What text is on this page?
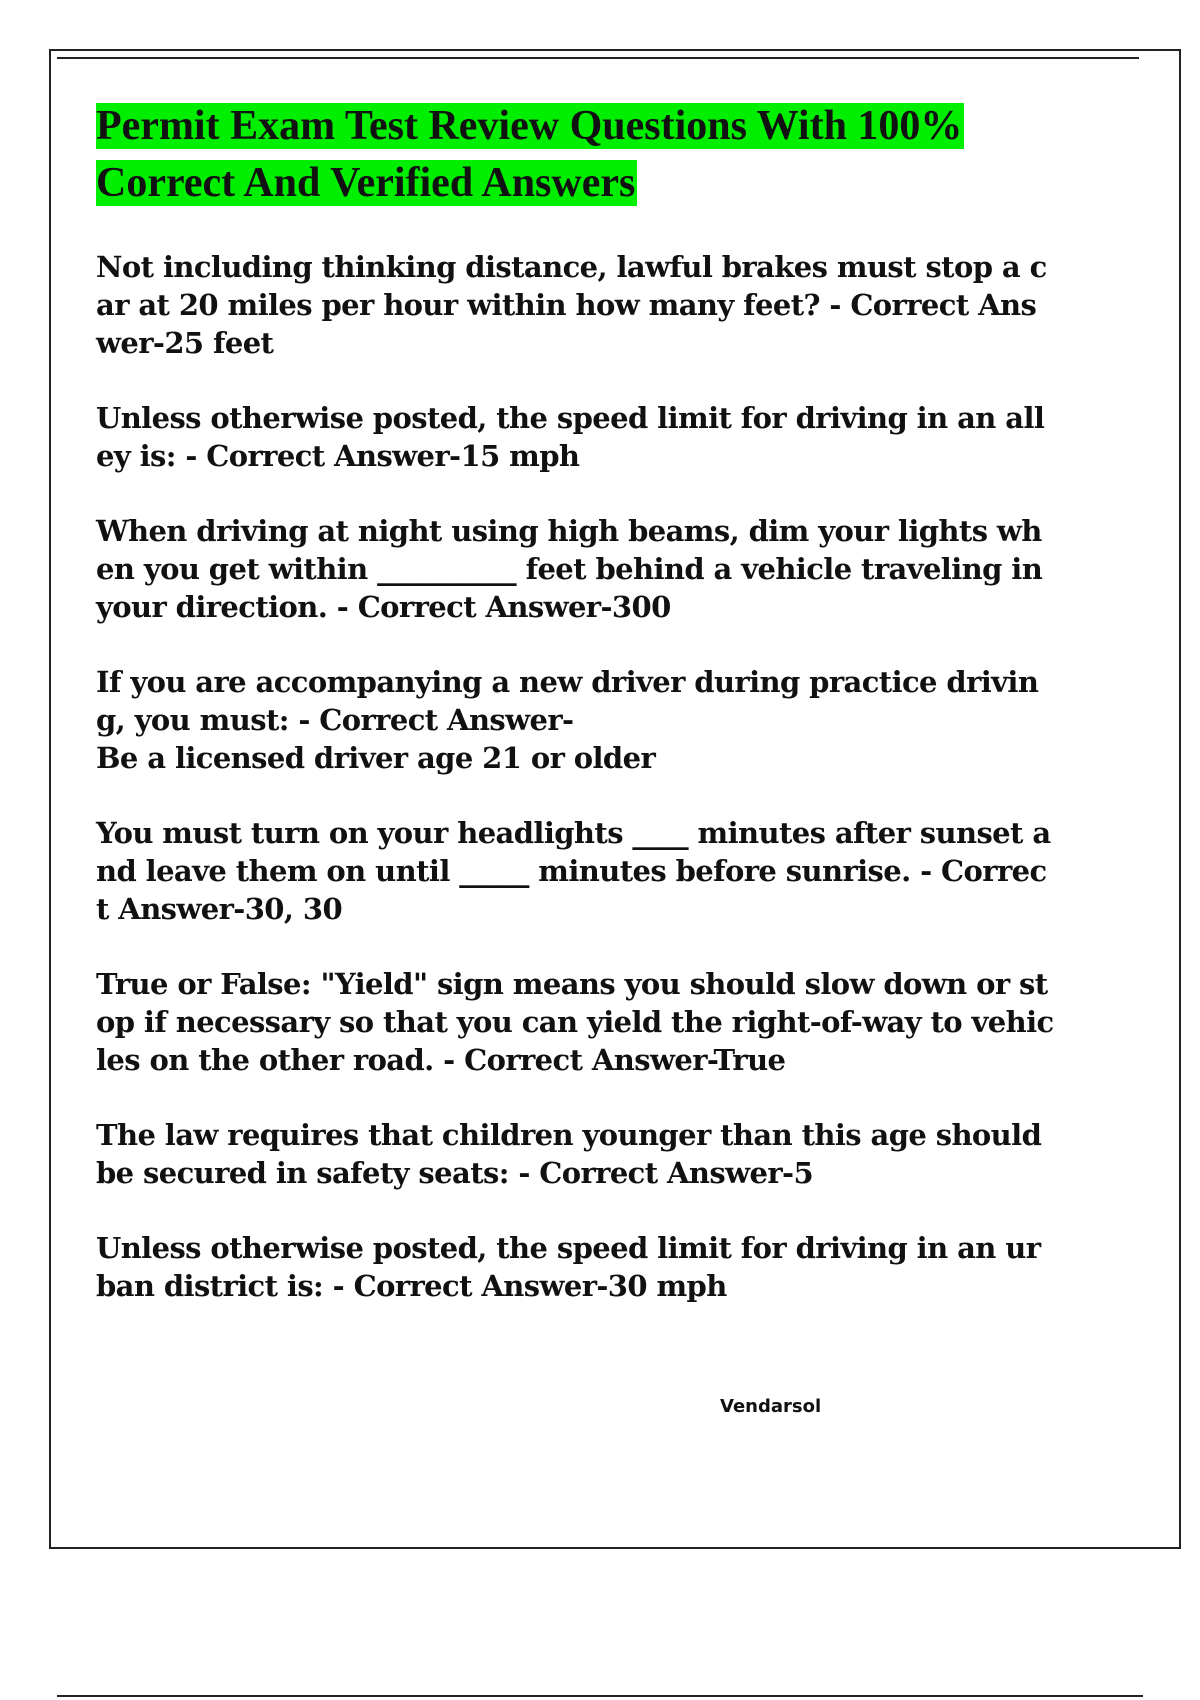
Permit Exam Test Review Questions With 100% Correct And Verified Answers
Not including thinking distance, lawful brakes must stop a car at 20 miles per hour within how many feet? - Correct Answer-25 feet
Unless otherwise posted, the speed limit for driving in an alley is: - Correct Answer-15 mph
When driving at night using high beams, dim your lights when you get within __________ feet behind a vehicle traveling in your direction. - Correct Answer-300
If you are accompanying a new driver during practice driving, you must: - Correct Answer-
Be a licensed driver age 21 or older
You must turn on your headlights ____ minutes after sunset and leave them on until _____ minutes before sunrise. - Correct Answer-30, 30
True or False: "Yield" sign means you should slow down or stop if necessary so that you can yield the right-of-way to vehicles on the other road. - Correct Answer-True
The law requires that children younger than this age should be secured in safety seats: - Correct Answer-5
Unless otherwise posted, the speed limit for driving in an urban district is: - Correct Answer-30 mph
Vendarsol
